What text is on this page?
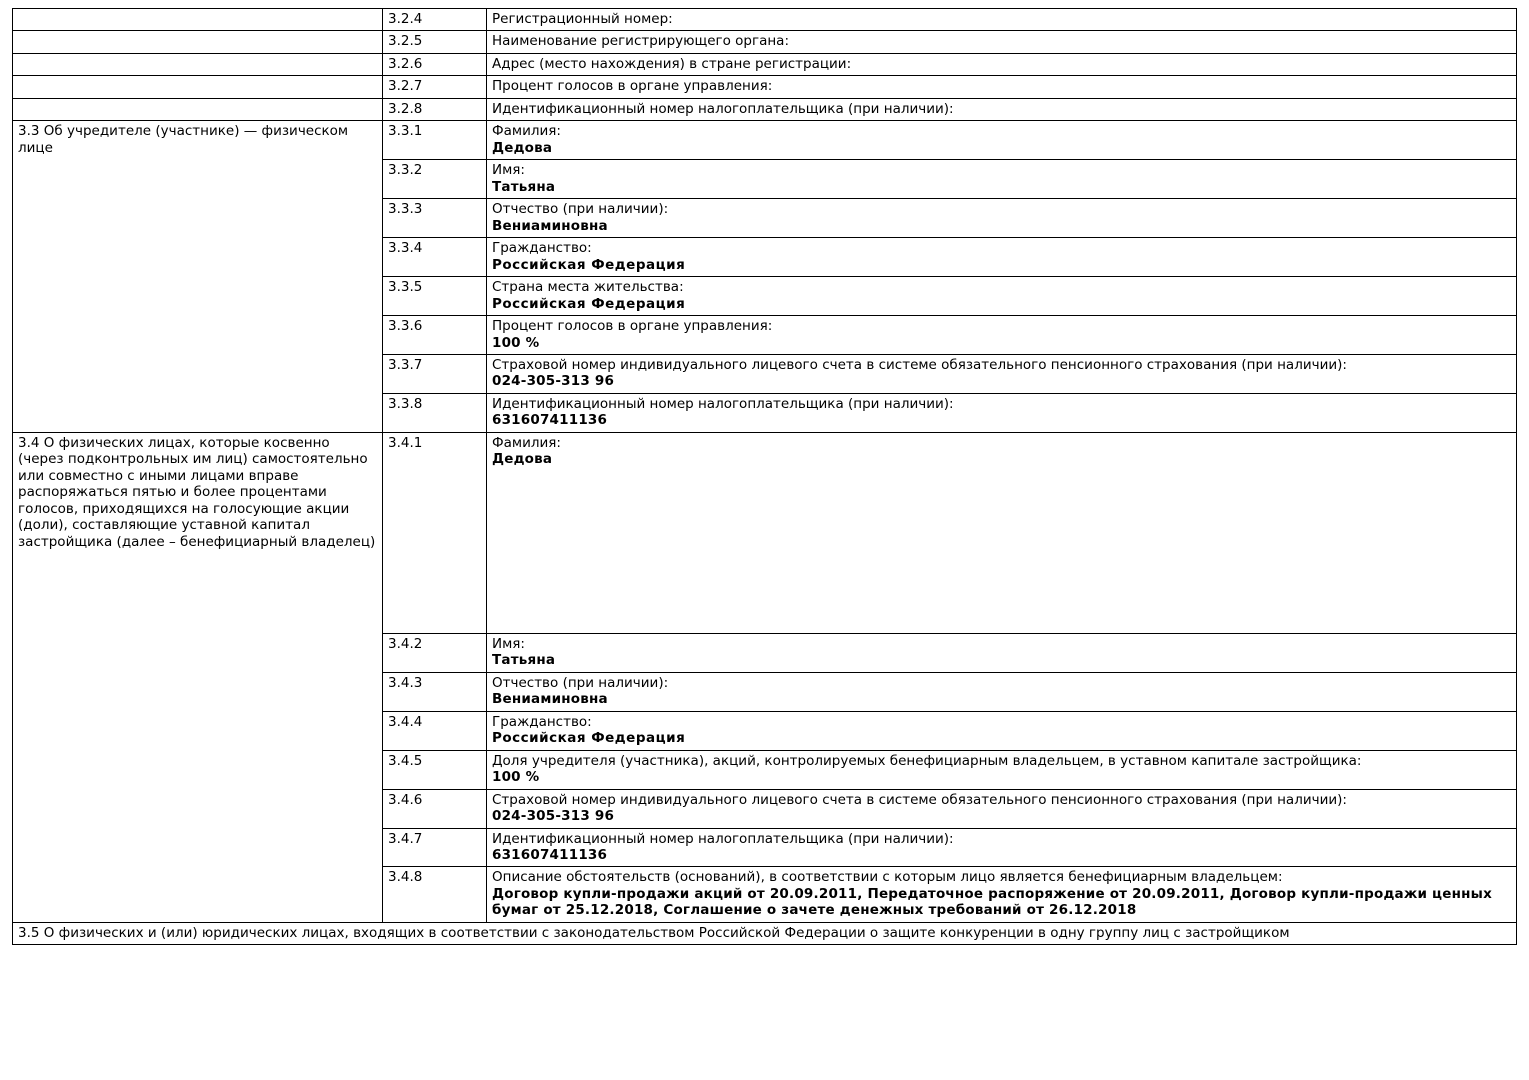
	3.2.4	Регистрационный номер:

	3.2.5	Наименование регистрирующего органа:

	3.2.6	Адрес (место нахождения) в стране регистрации:

	3.2.7	Процент голосов в органе управления:

	3.2.8	Идентификационный номер налогоплательщика (при наличии):

3.3 Об учредителе (участнике) — физическом лице	3.3.1	Фамилия:
Дедова

	3.3.2	Имя:
Татьяна

	3.3.3	Отчество (при наличии):
Вениаминовна

	3.3.4	Гражданство:
Российская Федерация

	3.3.5	Страна места жительства:
Российская Федерация

	3.3.6	Процент голосов в органе управления:
100 %

	3.3.7	Страховой номер индивидуального лицевого счета в системе обязательного пенсионного страхования (при наличии):
024-305-313 96

	3.3.8	Идентификационный номер налогоплательщика (при наличии):
631607411136

3.4 О физических лицах, которые косвенно (через подконтрольных им лиц) самостоятельно или совместно с иными лицами вправе распоряжаться пятью и более процентами голосов, приходящихся на голосующие акции (доли), составляющие уставной капитал застройщика (далее – бенефициарный владелец)	3.4.1	Фамилия:
Дедова

	3.4.2	Имя:
Татьяна

	3.4.3	Отчество (при наличии):
Вениаминовна

	3.4.4	Гражданство:
Российская Федерация

	3.4.5	Доля учредителя (участника), акций, контролируемых бенефициарным владельцем, в уставном капитале застройщика:
100 %

	3.4.6	Страховой номер индивидуального лицевого счета в системе обязательного пенсионного страхования (при наличии):
024-305-313 96

	3.4.7	Идентификационный номер налогоплательщика (при наличии):
631607411136

	3.4.8	Описание обстоятельств (оснований), в соответствии с которым лицо является бенефициарным владельцем:
Договор купли-продажи акций от 20.09.2011, Передаточное распоряжение от 20.09.2011, Договор купли-продажи ценных бумаг от 25.12.2018, Соглашение о зачете денежных требований от 26.12.2018

3.5 О физических и (или) юридических лицах, входящих в соответствии с законодательством Российской Федерации о защите конкуренции в одну группу лиц с застройщиком		
